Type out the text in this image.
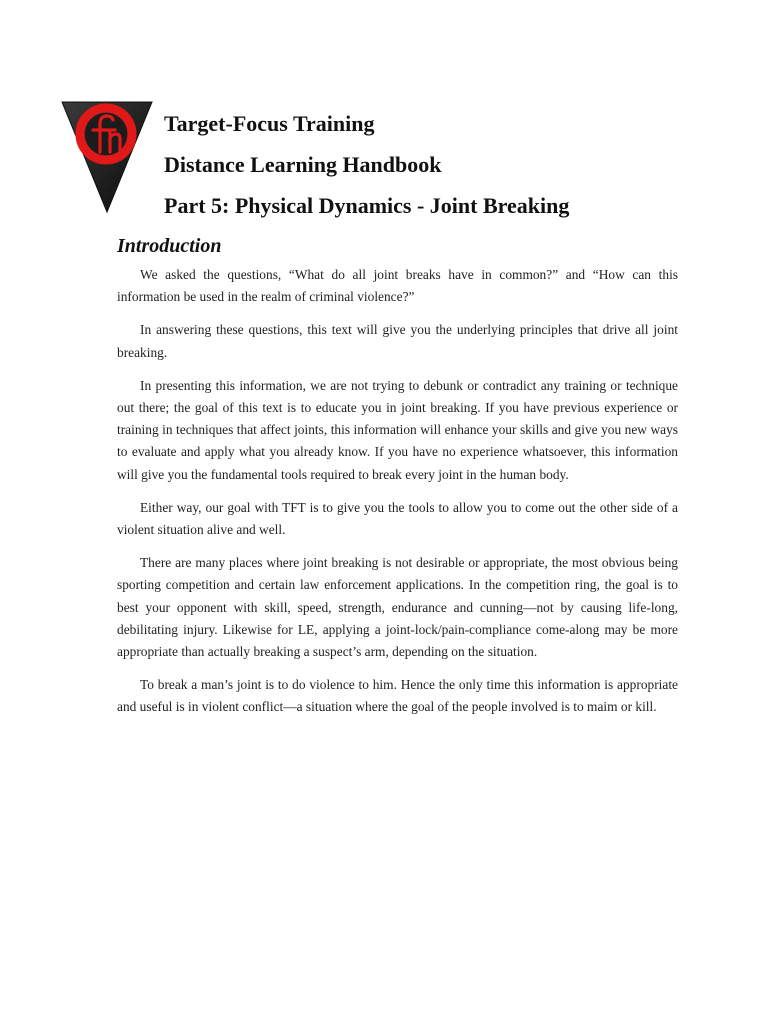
Target-Focus Training
Distance Learning Handbook
Part 5: Physical Dynamics - Joint Breaking
Introduction

We asked the questions, “What do all joint breaks have in common?” and “How can this information be used in the realm of criminal violence?”

In answering these questions, this text will give you the underlying principles that drive all joint breaking.

In presenting this information, we are not trying to debunk or contradict any training or technique out there; the goal of this text is to educate you in joint breaking. If you have previous experience or training in techniques that affect joints, this information will enhance your skills and give you new ways to evaluate and apply what you already know. If you have no experience whatsoever, this information will give you the fundamental tools required to break every joint in the human body.

Either way, our goal with TFT is to give you the tools to allow you to come out the other side of a violent situation alive and well.

There are many places where joint breaking is not desirable or appropriate, the most obvious being sporting competition and certain law enforcement applications. In the competition ring, the goal is to best your opponent with skill, speed, strength, endurance and cunning—not by causing life-long, debilitating injury. Likewise for LE, applying a joint-lock/pain-compliance come-along may be more appropriate than actually breaking a suspect’s arm, depending on the situation.

To break a man’s joint is to do violence to him. Hence the only time this information is appropriate and useful is in violent conflict—a situation where the goal of the people involved is to maim or kill.
